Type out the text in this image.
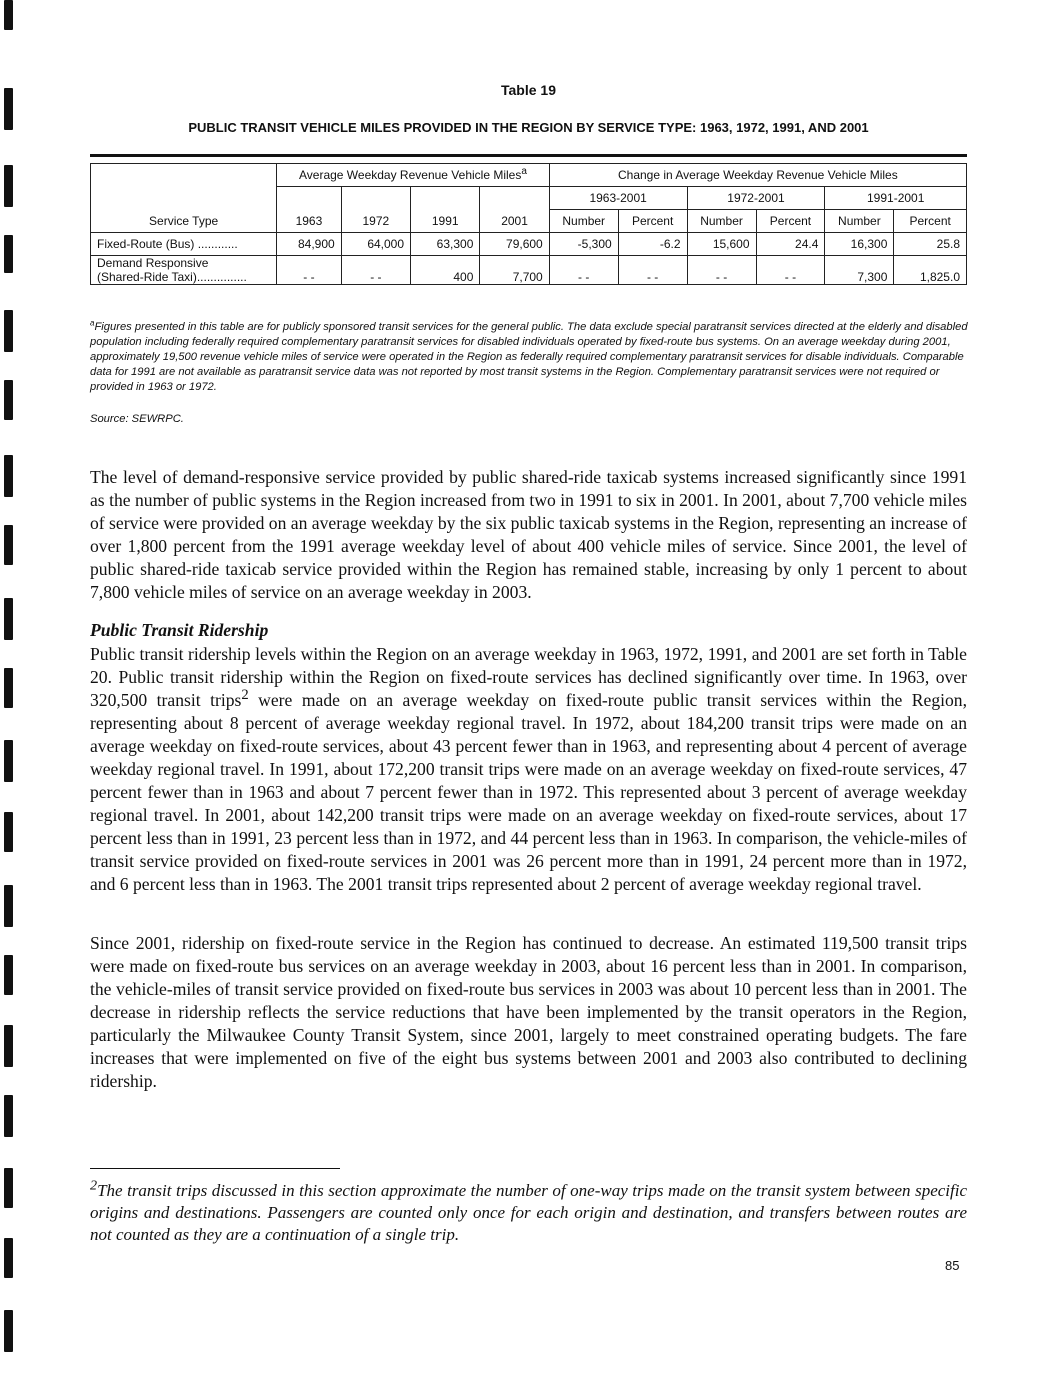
Table 19
PUBLIC TRANSIT VEHICLE MILES PROVIDED IN THE REGION BY SERVICE TYPE: 1963, 1972, 1991, AND 2001
	Average Weekday Revenue Vehicle Miles$^a$				Change in Average Weekday Revenue Vehicle Miles					
					1963-2001		1972-2001		1991-2001	
Service Type	1963	1972	1991	2001	Number	Percent	Number	Percent	Number	Percent
Fixed-Route (Bus) ............	84,900	64,000	63,300	79,600	-5,300	-6.2	15,600	24.4	16,300	25.8

Demand Responsive
(Shared-Ride Taxi)...............	- -	- -	400	7,700	- -	- -	- -	- -	7,300	1,825.0
$^a$Figures presented in this table are for publicly sponsored transit services for the general public. The data exclude special paratransit services directed at the elderly and disabled population including federally required complementary paratransit services for disabled individuals operated by fixed-route bus systems. On an average weekday during 2001, approximately 19,500 revenue vehicle miles of service were operated in the Region as federally required complementary paratransit services for disable individuals. Comparable data for 1991 are not available as paratransit service data was not reported by most transit systems in the Region. Complementary paratransit services were not required or provided in 1963 or 1972.
Source: SEWRPC.
The level of demand-responsive service provided by public shared-ride taxicab systems increased significantly since 1991 as the number of public systems in the Region increased from two in 1991 to six in 2001. In 2001, about 7,700 vehicle miles of service were provided on an average weekday by the six public taxicab systems in the Region, representing an increase of over 1,800 percent from the 1991 average weekday level of about 400 vehicle miles of service. Since 2001, the level of public shared-ride taxicab service provided within the Region has remained stable, increasing by only 1 percent to about 7,800 vehicle miles of service on an average weekday in 2003.
Public Transit Ridership
Public transit ridership levels within the Region on an average weekday in 1963, 1972, 1991, and 2001 are set forth in Table 20. Public transit ridership within the Region on fixed-route services has declined significantly over time. In 1963, over 320,500 transit trips$^2$ were made on an average weekday on fixed-route public transit services within the Region, representing about 8 percent of average weekday regional travel. In 1972, about 184,200 transit trips were made on an average weekday on fixed-route services, about 43 percent fewer than in 1963, and representing about 4 percent of average weekday regional travel. In 1991, about 172,200 transit trips were made on an average weekday on fixed-route services, 47 percent fewer than in 1963 and about 7 percent fewer than in 1972. This represented about 3 percent of average weekday regional travel. In 2001, about 142,200 transit trips were made on an average weekday on fixed-route services, about 17 percent less than in 1991, 23 percent less than in 1972, and 44 percent less than in 1963. In comparison, the vehicle-miles of transit service provided on fixed-route services in 2001 was 26 percent more than in 1991, 24 percent more than in 1972, and 6 percent less than in 1963. The 2001 transit trips represented about 2 percent of average weekday regional travel.
Since 2001, ridership on fixed-route service in the Region has continued to decrease. An estimated 119,500 transit trips were made on fixed-route bus services on an average weekday in 2003, about 16 percent less than in 2001. In comparison, the vehicle-miles of transit service provided on fixed-route bus services in 2003 was about 10 percent less than in 2001. The decrease in ridership reflects the service reductions that have been implemented by the transit operators in the Region, particularly the Milwaukee County Transit System, since 2001, largely to meet constrained operating budgets. The fare increases that were implemented on five of the eight bus systems between 2001 and 2003 also contributed to declining ridership.
$^2$The transit trips discussed in this section approximate the number of one-way trips made on the transit system between specific origins and destinations. Passengers are counted only once for each origin and destination, and transfers between routes are not counted as they are a continuation of a single trip.
85
